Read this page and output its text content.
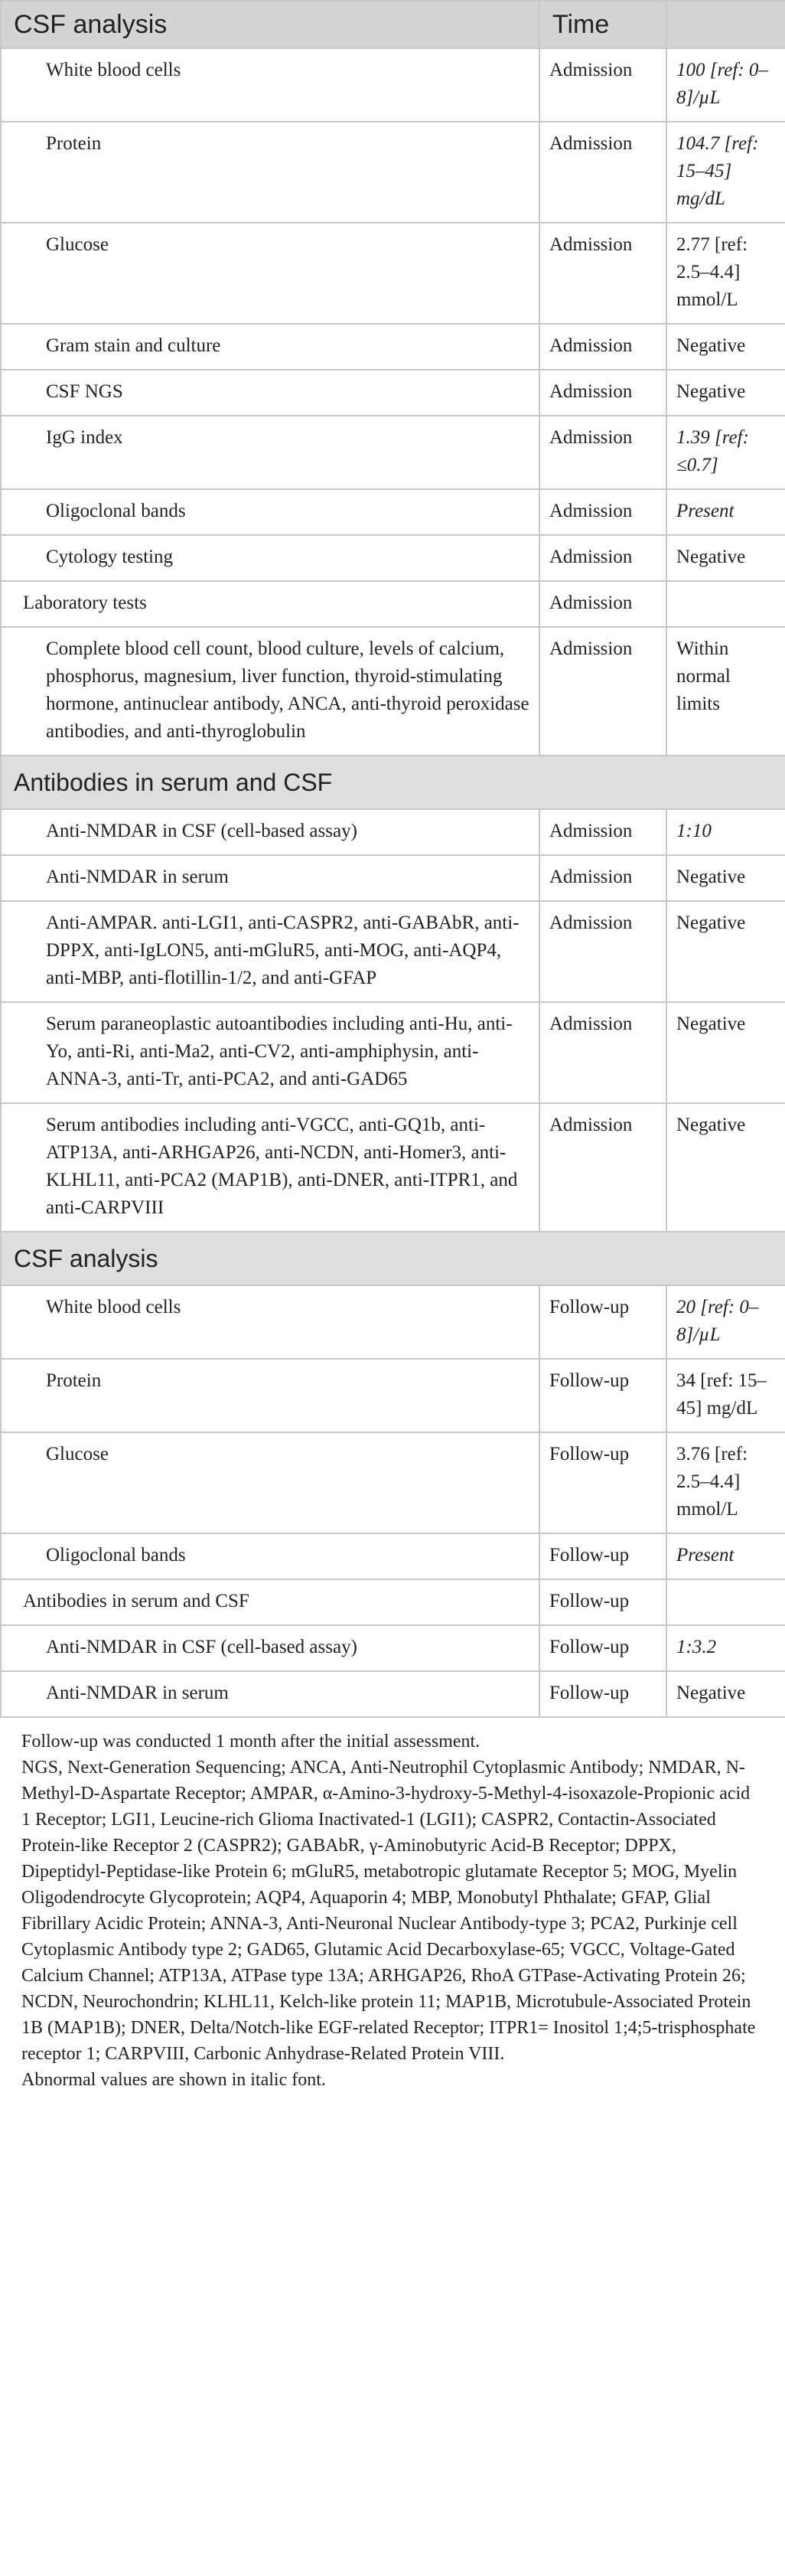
CSF analysis	Time	
White blood cells	Admission	100 [ref: 0–8]/µL
Protein	Admission	104.7 [ref: 15–45] mg/dL
Glucose	Admission	2.77 [ref: 2.5–4.4] mmol/L
Gram stain and culture	Admission	Negative
CSF NGS	Admission	Negative
IgG index	Admission	1.39 [ref: ≤0.7]
Oligoclonal bands	Admission	Present
Cytology testing	Admission	Negative
Laboratory tests	Admission	
Complete blood cell count, blood culture, levels of calcium, phosphorus, magnesium, liver function, thyroid-stimulating hormone, antinuclear antibody, ANCA, anti-thyroid peroxidase antibodies, and anti-thyroglobulin	Admission	Within normal limits
Antibodies in serum and CSF		
Anti-NMDAR in CSF (cell-based assay)	Admission	1:10
Anti-NMDAR in serum	Admission	Negative
Anti-AMPAR. anti-LGI1, anti-CASPR2, anti-GABAbR, anti-DPPX, anti-IgLON5, anti-mGluR5, anti-MOG, anti-AQP4, anti-MBP, anti-flotillin-1/2, and anti-GFAP	Admission	Negative
Serum paraneoplastic autoantibodies including anti-Hu, anti-Yo, anti-Ri, anti-Ma2, anti-CV2, anti-amphiphysin, anti-ANNA-3, anti-Tr, anti-PCA2, and anti-GAD65	Admission	Negative
Serum antibodies including anti-VGCC, anti-GQ1b, anti-ATP13A, anti-ARHGAP26, anti-NCDN, anti-Homer3, anti-KLHL11, anti-PCA2 (MAP1B), anti-DNER, anti-ITPR1, and anti-CARPVIII	Admission	Negative
CSF analysis		
White blood cells	Follow-up	20 [ref: 0–8]/µL
Protein	Follow-up	34 [ref: 15–45] mg/dL
Glucose	Follow-up	3.76 [ref: 2.5–4.4] mmol/L
Oligoclonal bands	Follow-up	Present
Antibodies in serum and CSF	Follow-up	
Anti-NMDAR in CSF (cell-based assay)	Follow-up	1:3.2
Anti-NMDAR in serum	Follow-up	Negative

Follow-up was conducted 1 month after the initial assessment.

NGS, Next-Generation Sequencing; ANCA, Anti-Neutrophil Cytoplasmic Antibody; NMDAR, N-Methyl-D-Aspartate Receptor; AMPAR, α-Amino-3-hydroxy-5-Methyl-4-isoxazole-Propionic acid 1 Receptor; LGI1, Leucine-rich Glioma Inactivated-1 (LGI1); CASPR2, Contactin-Associated Protein-like Receptor 2 (CASPR2); GABAbR, γ-Aminobutyric Acid-B Receptor; DPPX, Dipeptidyl-Peptidase-like Protein 6; mGluR5, metabotropic glutamate Receptor 5; MOG, Myelin Oligodendrocyte Glycoprotein; AQP4, Aquaporin 4; MBP, Monobutyl Phthalate; GFAP, Glial Fibrillary Acidic Protein; ANNA-3, Anti-Neuronal Nuclear Antibody-type 3; PCA2, Purkinje cell Cytoplasmic Antibody type 2; GAD65, Glutamic Acid Decarboxylase-65; VGCC, Voltage-Gated Calcium Channel; ATP13A, ATPase type 13A; ARHGAP26, RhoA GTPase-Activating Protein 26; NCDN, Neurochondrin; KLHL11, Kelch-like protein 11; MAP1B, Microtubule-Associated Protein 1B (MAP1B); DNER, Delta/Notch-like EGF-related Receptor; ITPR1= Inositol 1;4;5-trisphosphate receptor 1; CARPVIII, Carbonic Anhydrase-Related Protein VIII.

Abnormal values are shown in italic font.
